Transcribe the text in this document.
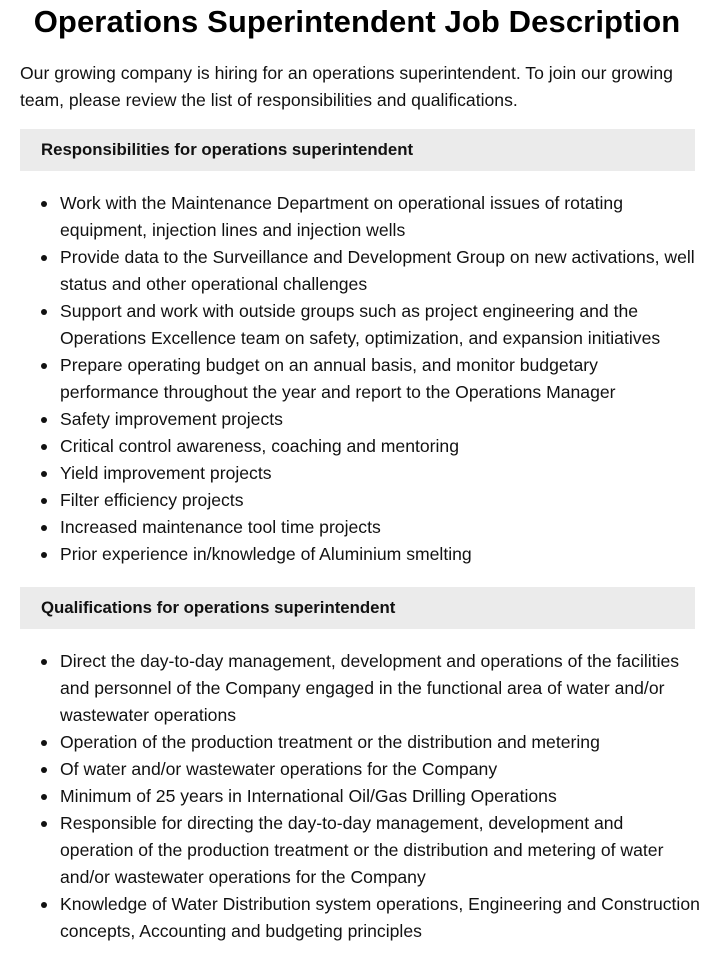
Operations Superintendent Job Description

Our growing company is hiring for an operations superintendent. To join our growing team, please review the list of responsibilities and qualifications.

Responsibilities for operations superintendent
Work with the Maintenance Department on operational issues of rotating equipment, injection lines and injection wells
Provide data to the Surveillance and Development Group on new activations, well status and other operational challenges
Support and work with outside groups such as project engineering and the Operations Excellence team on safety, optimization, and expansion initiatives
Prepare operating budget on an annual basis, and monitor budgetary performance throughout the year and report to the Operations Manager
Safety improvement projects
Critical control awareness, coaching and mentoring
Yield improvement projects
Filter efficiency projects
Increased maintenance tool time projects
Prior experience in/knowledge of Aluminium smelting
Qualifications for operations superintendent
Direct the day-to-day management, development and operations of the facilities and personnel of the Company engaged in the functional area of water and/or wastewater operations
Operation of the production treatment or the distribution and metering
Of water and/or wastewater operations for the Company
Minimum of 25 years in International Oil/Gas Drilling Operations
Responsible for directing the day-to-day management, development and operation of the production treatment or the distribution and metering of water and/or wastewater operations for the Company
Knowledge of Water Distribution system operations, Engineering and Construction concepts, Accounting and budgeting principles
